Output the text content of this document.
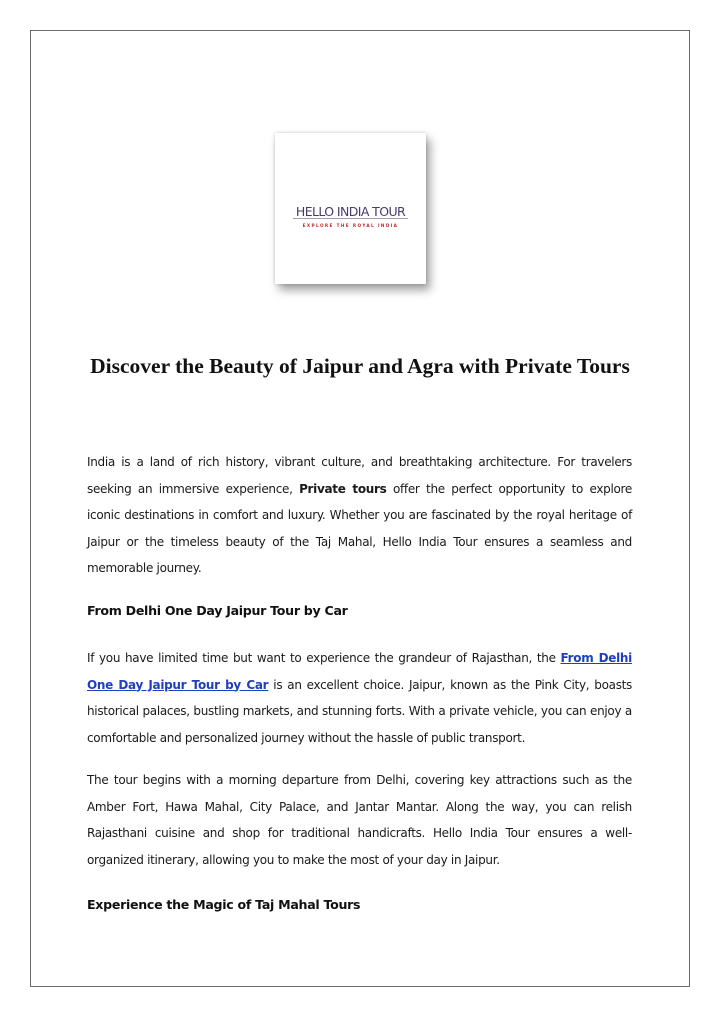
HELLO INDIA TOUR
EXPLORE THE ROYAL INDIA
Discover the Beauty of Jaipur and Agra with Private Tours

India is a land of rich history, vibrant culture, and breathtaking architecture. For travelers seeking an immersive experience, Private tours offer the perfect opportunity to explore iconic destinations in comfort and luxury. Whether you are fascinated by the royal heritage of Jaipur or the timeless beauty of the Taj Mahal, Hello India Tour ensures a seamless and memorable journey.

From Delhi One Day Jaipur Tour by Car

If you have limited time but want to experience the grandeur of Rajasthan, the From Delhi One Day Jaipur Tour by Car is an excellent choice. Jaipur, known as the Pink City, boasts historical palaces, bustling markets, and stunning forts. With a private vehicle, you can enjoy a comfortable and personalized journey without the hassle of public transport.

The tour begins with a morning departure from Delhi, covering key attractions such as the Amber Fort, Hawa Mahal, City Palace, and Jantar Mantar. Along the way, you can relish Rajasthani cuisine and shop for traditional handicrafts. Hello India Tour ensures a well-organized itinerary, allowing you to make the most of your day in Jaipur.

Experience the Magic of Taj Mahal Tours
